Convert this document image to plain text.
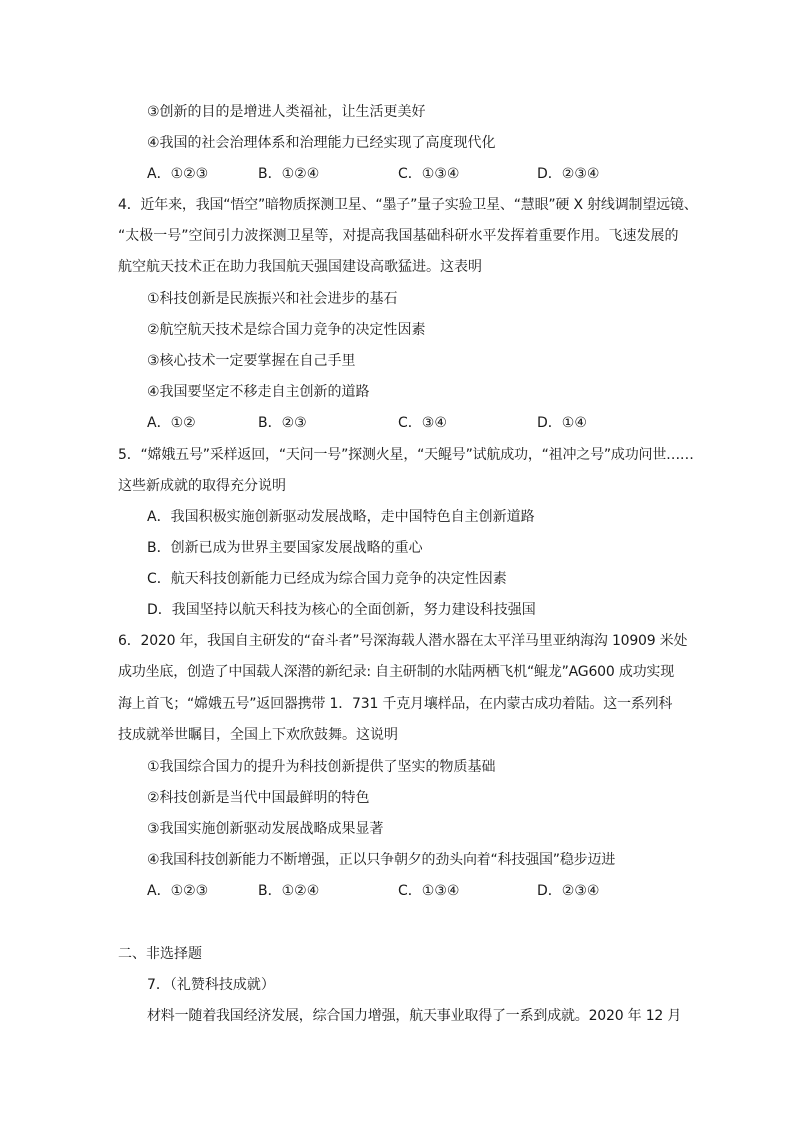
③创新的目的是增进人类福祉，让生活更美好
④我国的社会治理体系和治理能力已经实现了高度现代化
A．①②③	B．①②④	C．①③④	D．②③④
4．近年来，我国“悟空”暗物质探测卫星、“墨子”量子实验卫星、“慧眼”硬 X 射线调制望远镜、
“太极一号”空间引力波探测卫星等，对提高我国基础科研水平发挥着重要作用。飞速发展的
航空航天技术正在助力我国航天强国建设高歌猛进。这表明
①科技创新是民族振兴和社会进步的基石
②航空航天技术是综合国力竞争的决定性因素
③核心技术一定要掌握在自己手里
④我国要坚定不移走自主创新的道路
A．①②	B．②③	C．③④	D．①④
5．“嫦娥五号”采样返回，“天问一号”探测火星，“天鲲号”试航成功，“祖冲之号”成功问世……
这些新成就的取得充分说明
A．我国积极实施创新驱动发展战略，走中国特色自主创新道路
B．创新已成为世界主要国家发展战略的重心
C．航天科技创新能力已经成为综合国力竞争的决定性因素
D．我国坚持以航天科技为核心的全面创新，努力建设科技强国
6．2020 年，我国自主研发的“奋斗者”号深海载人潜水器在太平洋马里亚纳海沟 10909 米处
成功坐底，创造了中国载人深潜的新纪录: 自主研制的水陆两栖飞机“鲲龙”AG600 成功实现
海上首飞；“嫦娥五号”返回器携带 1．731 千克月壤样品，在内蒙古成功着陆。这一系列科
技成就举世瞩目，全国上下欢欣鼓舞。这说明
①我国综合国力的提升为科技创新提供了坚实的物质基础
②科技创新是当代中国最鲜明的特色
③我国实施创新驱动发展战略成果显著
④我国科技创新能力不断增强，正以只争朝夕的劲头向着“科技强国”稳步迈进
A．①②③	B．①②④	C．①③④	D．②③④
二、非选择题
7．（礼赞科技成就）
材料一随着我国经济发展，综合国力增强，航天事业取得了一系到成就。2020 年 12 月
